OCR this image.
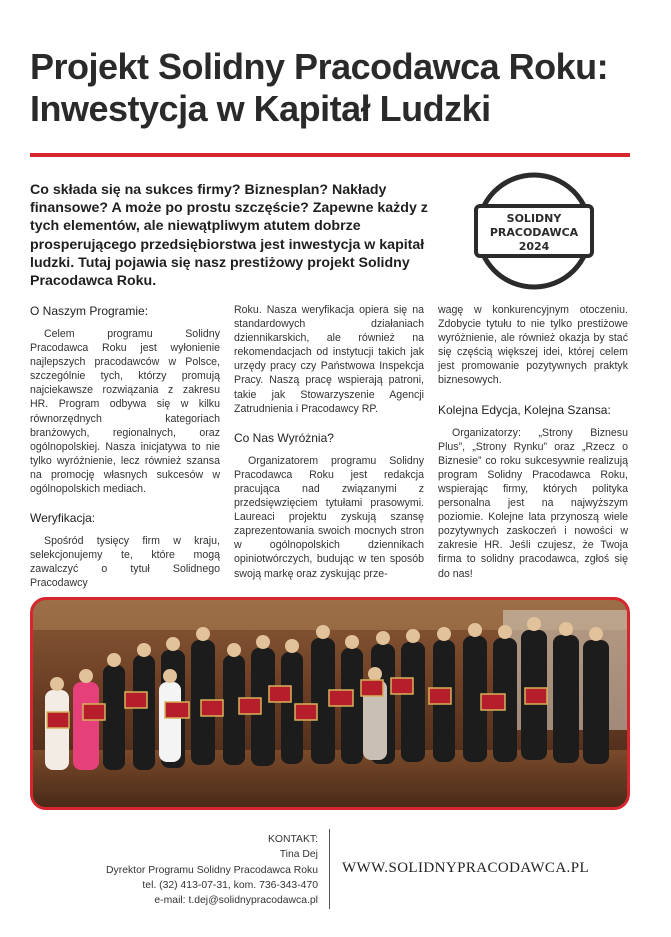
Projekt Solidny Pracodawca Roku: Inwestycja w Kapitał Ludzki

Co składa się na sukces firmy? Biznesplan? Nakłady finansowe? A może po prostu szczęście? Zapewne każdy z tych elementów, ale niewątpliwym atutem dobrze prosperującego przedsiębiorstwa jest inwestycja w kapitał ludzki. Tutaj pojawia się nasz prestiżowy projekt Solidny Pracodawca Roku.

SOLIDNY
PRACODAWCA
2024
O Naszym Programie:

Celem programu Solidny Pracodawca Roku jest wyłonienie najlepszych pracodawców w Polsce, szczególnie tych, którzy promują najciekawsze rozwiązania z zakresu HR. Program odbywa się w kilku równorzędnych kategoriach branżowych, regionalnych, oraz ogólnopolskiej. Nasza inicjatywa to nie tylko wyróżnienie, lecz również szansa na promocję własnych sukcesów w ogólnopolskich mediach.

Weryfikacja:

Spośród tysięcy firm w kraju, selekcjonujemy te, które mogą zawalczyć o tytuł Solidnego Pracodawcy

Roku. Nasza weryfikacja opiera się na standardowych działaniach dziennikarskich, ale również na rekomendacjach od instytucji takich jak urzędy pracy czy Państwowa Inspekcja Pracy. Naszą pracę wspierają patroni, takie jak Stowarzyszenie Agencji Zatrudnienia i Pracodawcy RP.

Co Nas Wyróżnia?

Organizatorem programu Solidny Pracodawca Roku jest redakcja pracująca nad związanymi z przedsięwzięciem tytułami prasowymi. Laureaci projektu zyskują szansę zaprezentowania swoich mocnych stron w ogólnopolskich dziennikach opiniotwórczych, budując w ten sposób swoją markę oraz zyskując prze-

wagę w konkurencyjnym otoczeniu. Zdobycie tytułu to nie tylko prestiżowe wyróżnienie, ale również okazja by stać się częścią większej idei, której celem jest promowanie pozytywnych praktyk biznesowych.

Kolejna Edycja, Kolejna Szansa:

Organizatorzy: „Strony Biznesu Plus”, „Strony Rynku” oraz „Rzecz o Biznesie” co roku sukcesywnie realizują program Solidny Pracodawca Roku, wspierając firmy, których polityka personalna jest na najwyższym poziomie. Kolejne lata przynoszą wiele pozytywnych zaskoczeń i nowości w zakresie HR. Jeśli czujesz, że Twoja firma to solidny pracodawca, zgłoś się do nas!

KONTAKT:
Tina Dej
Dyrektor Programu Solidny Pracodawca Roku
tel. (32) 413-07-31, kom. 736-343-470
e-mail: t.dej@solidnypracodawca.pl
WWW.SOLIDNYPRACODAWCA.PL
